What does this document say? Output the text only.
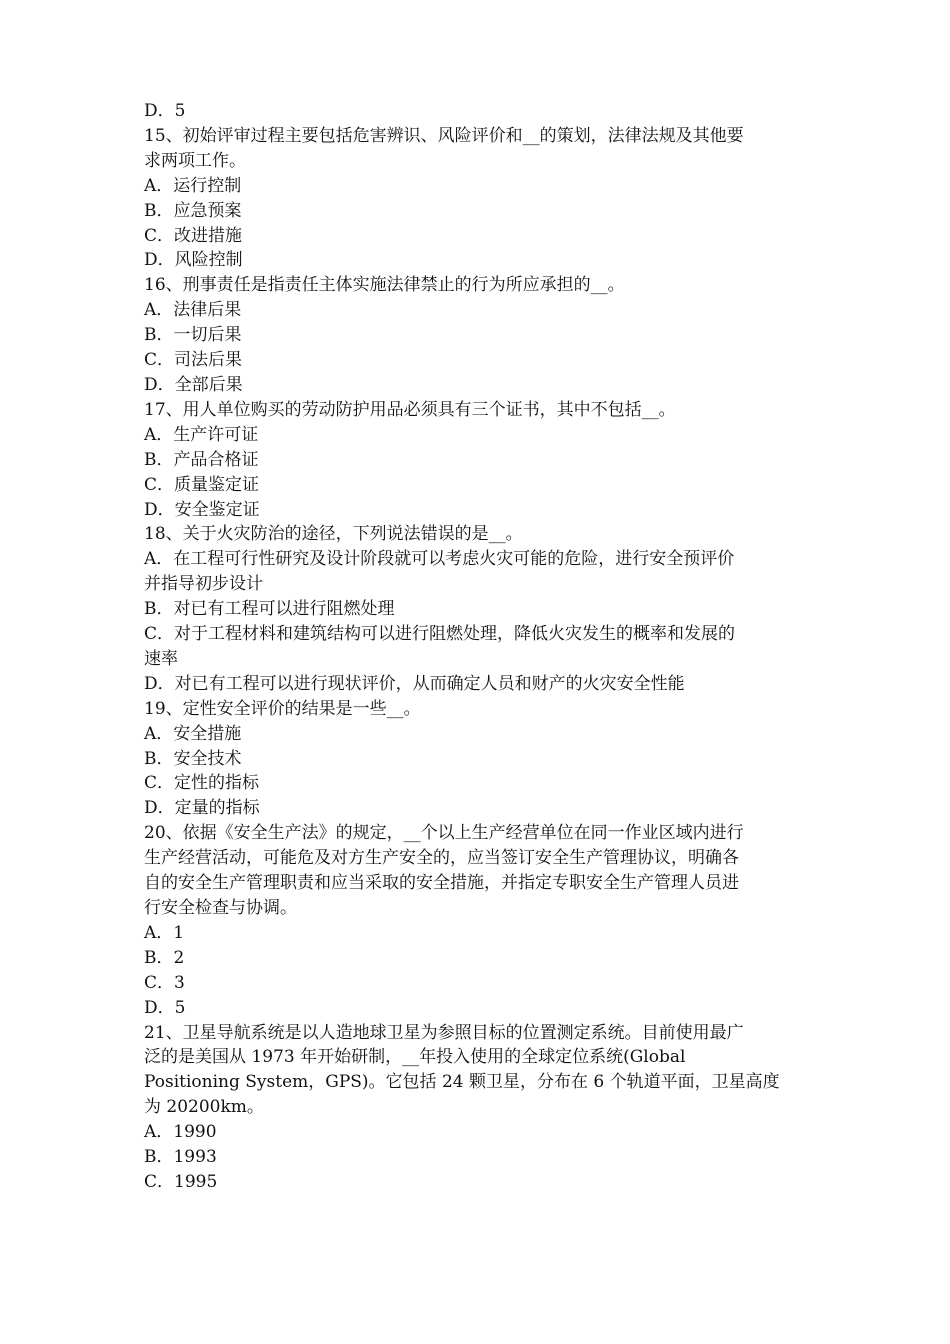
D．5

15、初始评审过程主要包括危害辨识、风险评价和__的策划，法律法规及其他要

求两项工作。

A．运行控制

B．应急预案

C．改进措施

D．风险控制

16、刑事责任是指责任主体实施法律禁止的行为所应承担的__。

A．法律后果

B．一切后果

C．司法后果

D．全部后果

17、用人单位购买的劳动防护用品必须具有三个证书，其中不包括__。

A．生产许可证

B．产品合格证

C．质量鉴定证

D．安全鉴定证

18、关于火灾防治的途径，下列说法错误的是__。

A．在工程可行性研究及设计阶段就可以考虑火灾可能的危险，进行安全预评价

并指导初步设计

B．对已有工程可以进行阻燃处理

C．对于工程材料和建筑结构可以进行阻燃处理，降低火灾发生的概率和发展的

速率

D．对已有工程可以进行现状评价，从而确定人员和财产的火灾安全性能

19、定性安全评价的结果是一些__。

A．安全措施

B．安全技术

C．定性的指标

D．定量的指标

20、依据《安全生产法》的规定，__个以上生产经营单位在同一作业区域内进行

生产经营活动，可能危及对方生产安全的，应当签订安全生产管理协议，明确各

自的安全生产管理职责和应当采取的安全措施，并指定专职安全生产管理人员进

行安全检查与协调。

A．1

B．2

C．3

D．5

21、卫星导航系统是以人造地球卫星为参照目标的位置测定系统。目前使用最广

泛的是美国从 1973 年开始研制，__年投入使用的全球定位系统(Global

Positioning System，GPS)。它包括 24 颗卫星，分布在 6 个轨道平面，卫星高度

为 20200km。

A．1990

B．1993

C．1995
